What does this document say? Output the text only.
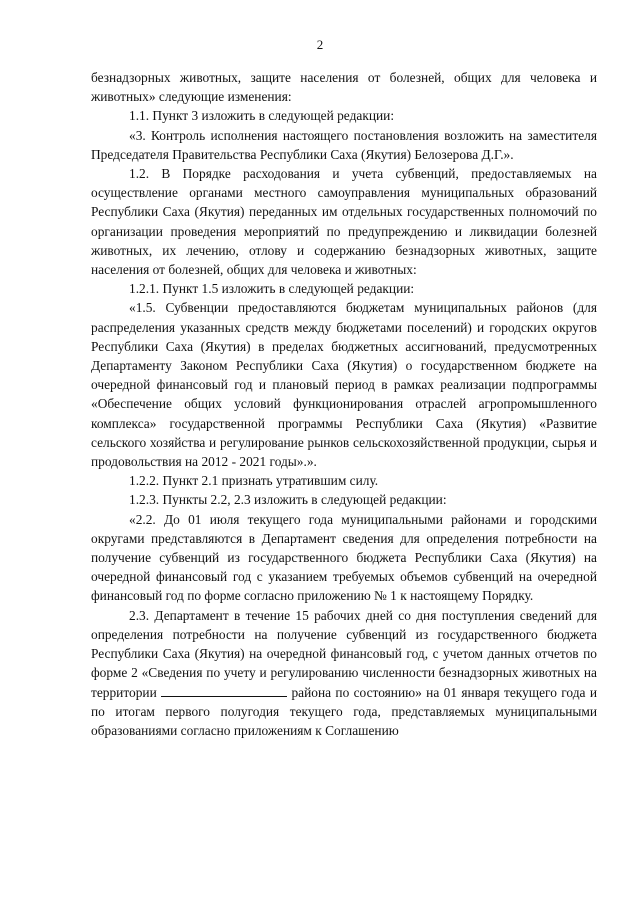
2

безнадзорных животных, защите населения от болезней, общих для человека и животных» следующие изменения:

1.1. Пункт 3 изложить в следующей редакции:

«3. Контроль исполнения настоящего постановления возложить на заместителя Председателя Правительства Республики Саха (Якутия) Белозерова Д.Г.».

1.2. В Порядке расходования и учета субвенций, предоставляемых на осуществление органами местного самоуправления муниципальных образований Республики Саха (Якутия) переданных им отдельных государственных полномочий по организации проведения мероприятий по предупреждению и ликвидации болезней животных, их лечению, отлову и содержанию безнадзорных животных, защите населения от болезней, общих для человека и животных:

1.2.1. Пункт 1.5 изложить в следующей редакции:

«1.5. Субвенции предоставляются бюджетам муниципальных районов (для распределения указанных средств между бюджетами поселений) и городских округов Республики Саха (Якутия) в пределах бюджетных ассигнований, предусмотренных Департаменту Законом Республики Саха (Якутия) о государственном бюджете на очередной финансовый год и плановый период в рамках реализации подпрограммы «Обеспечение общих условий функционирования отраслей агропромышленного комплекса» государственной программы Республики Саха (Якутия) «Развитие сельского хозяйства и регулирование рынков сельскохозяйственной продукции, сырья и продовольствия на 2012 - 2021 годы».».

1.2.2. Пункт 2.1 признать утратившим силу.

1.2.3. Пункты 2.2, 2.3 изложить в следующей редакции:

«2.2. До 01 июля текущего года муниципальными районами и городскими округами представляются в Департамент сведения для определения потребности на получение субвенций из государственного бюджета Республики Саха (Якутия) на очередной финансовый год с указанием требуемых объемов субвенций на очередной финансовый год по форме согласно приложению № 1 к настоящему Порядку.

2.3. Департамент в течение 15 рабочих дней со дня поступления сведений для определения потребности на получение субвенций из государственного бюджета Республики Саха (Якутия) на очередной финансовый год, с учетом данных отчетов по форме 2 «Сведения по учету и регулированию численности безнадзорных животных на территории	района по состоянию» на 01 января текущего года и по итогам первого полугодия текущего года, представляемых муниципальными образованиями согласно приложениям к Соглашению
